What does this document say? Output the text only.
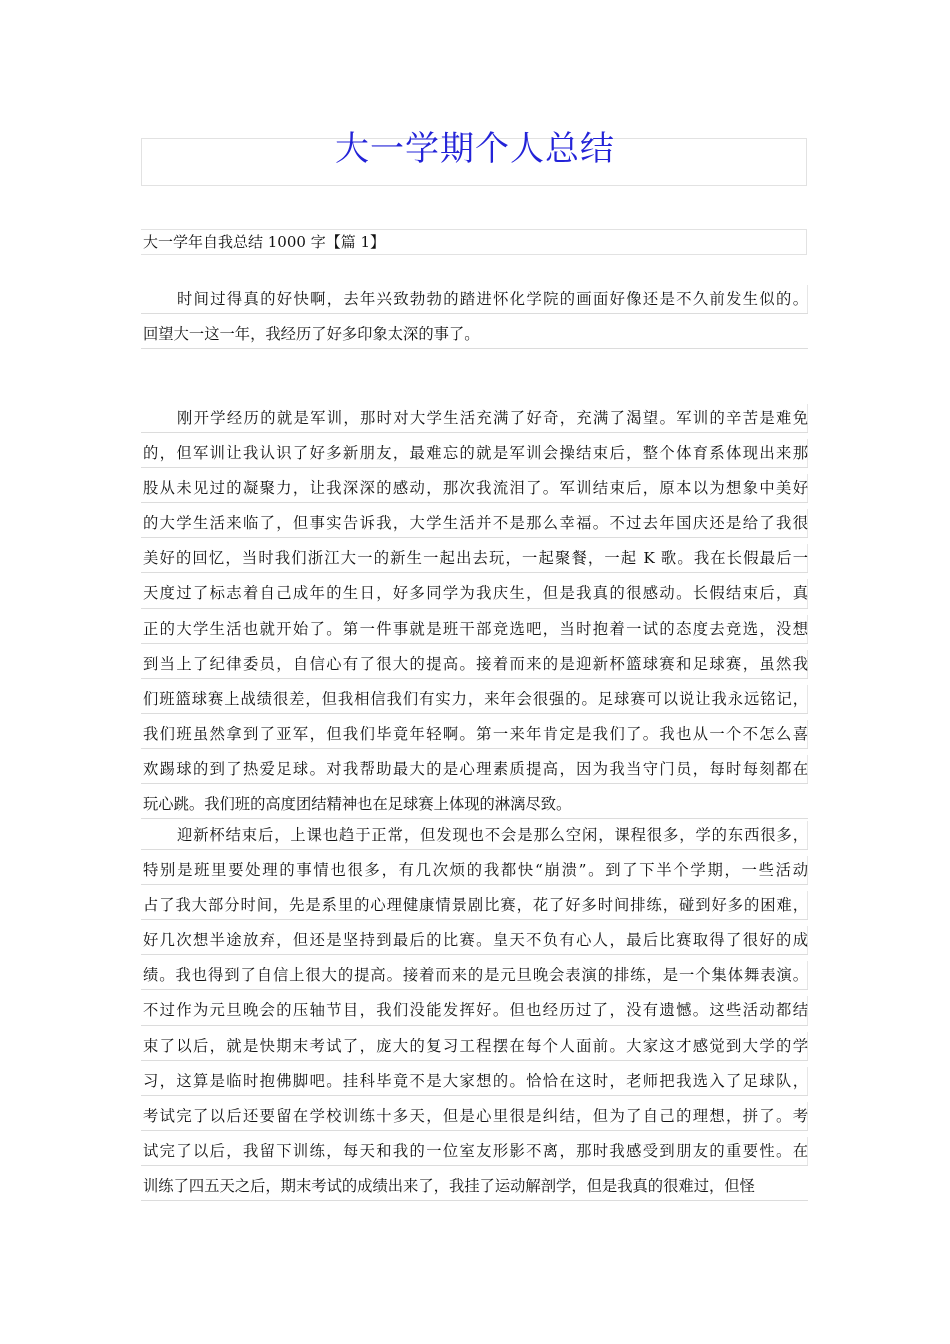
大一学期个人总结
大一学年自我总结 1000 字【篇 1】
时间过得真的好快啊，去年兴致勃勃的踏进怀化学院的画面好像还是不久前发生似的。
回望大一这一年，我经历了好多印象太深的事了。
刚开学经历的就是军训，那时对大学生活充满了好奇，充满了渴望。军训的辛苦是难免
的，但军训让我认识了好多新朋友，最难忘的就是军训会操结束后，整个体育系体现出来那
股从未见过的凝聚力，让我深深的感动，那次我流泪了。军训结束后，原本以为想象中美好
的大学生活来临了，但事实告诉我，大学生活并不是那么幸福。不过去年国庆还是给了我很
美好的回忆，当时我们浙江大一的新生一起出去玩，一起聚餐，一起 K 歌。我在长假最后一
天度过了标志着自己成年的生日，好多同学为我庆生，但是我真的很感动。长假结束后，真
正的大学生活也就开始了。第一件事就是班干部竞选吧，当时抱着一试的态度去竞选，没想
到当上了纪律委员，自信心有了很大的提高。接着而来的是迎新杯篮球赛和足球赛，虽然我
们班篮球赛上战绩很差，但我相信我们有实力，来年会很强的。足球赛可以说让我永远铭记，
我们班虽然拿到了亚军，但我们毕竟年轻啊。第一来年肯定是我们了。我也从一个不怎么喜
欢踢球的到了热爱足球。对我帮助最大的是心理素质提高，因为我当守门员，每时每刻都在
玩心跳。我们班的高度团结精神也在足球赛上体现的淋漓尽致。
迎新杯结束后，上课也趋于正常，但发现也不会是那么空闲，课程很多，学的东西很多，
特别是班里要处理的事情也很多，有几次烦的我都快“崩溃”。到了下半个学期，一些活动
占了我大部分时间，先是系里的心理健康情景剧比赛，花了好多时间排练，碰到好多的困难，
好几次想半途放弃，但还是坚持到最后的比赛。皇天不负有心人，最后比赛取得了很好的成
绩。我也得到了自信上很大的提高。接着而来的是元旦晚会表演的排练，是一个集体舞表演。
不过作为元旦晚会的压轴节目，我们没能发挥好。但也经历过了，没有遗憾。这些活动都结
束了以后，就是快期末考试了，庞大的复习工程摆在每个人面前。大家这才感觉到大学的学
习，这算是临时抱佛脚吧。挂科毕竟不是大家想的。恰恰在这时，老师把我选入了足球队，
考试完了以后还要留在学校训练十多天，但是心里很是纠结，但为了自己的理想，拼了。考
试完了以后，我留下训练，每天和我的一位室友形影不离，那时我感受到朋友的重要性。在
训练了四五天之后，期末考试的成绩出来了，我挂了运动解剖学，但是我真的很难过，但怪
